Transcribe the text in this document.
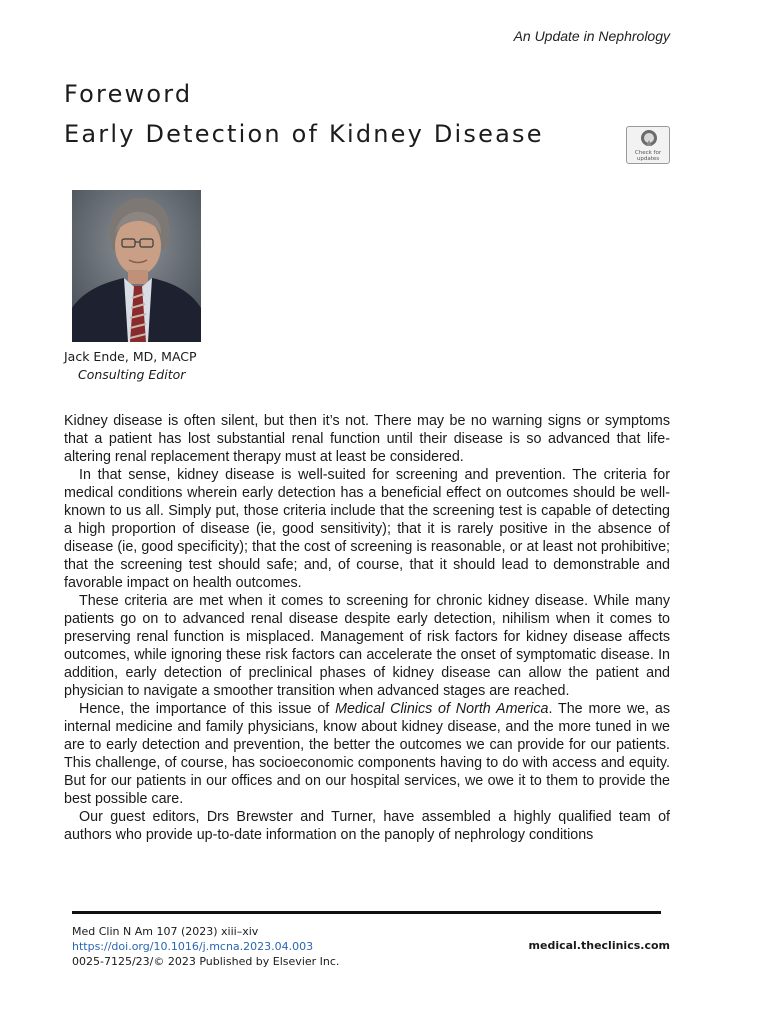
An Update in Nephrology
Foreword
Early Detection of Kidney Disease
Check for
updates
Jack Ende, MD, MACP
Consulting Editor

Kidney disease is often silent, but then it’s not. There may be no warning signs or symptoms that a patient has lost substantial renal function until their disease is so advanced that life-altering renal replacement therapy must at least be considered.

In that sense, kidney disease is well-suited for screening and prevention. The criteria for medical conditions wherein early detection has a beneficial effect on outcomes should be well-known to us all. Simply put, those criteria include that the screening test is capable of detecting a high proportion of disease (ie, good sensitivity); that it is rarely positive in the absence of disease (ie, good specificity); that the cost of screening is reasonable, or at least not prohibitive; that the screening test should safe; and, of course, that it should lead to demonstrable and favorable impact on health outcomes.

These criteria are met when it comes to screening for chronic kidney disease. While many patients go on to advanced renal disease despite early detection, nihilism when it comes to preserving renal function is misplaced. Management of risk factors for kidney disease affects outcomes, while ignoring these risk factors can accelerate the onset of symptomatic disease. In addition, early detection of preclinical phases of kidney disease can allow the patient and physician to navigate a smoother transition when advanced stages are reached.

Hence, the importance of this issue of Medical Clinics of North America. The more we, as internal medicine and family physicians, know about kidney disease, and the more tuned in we are to early detection and prevention, the better the outcomes we can provide for our patients. This challenge, of course, has socioeconomic components having to do with access and equity. But for our patients in our offices and on our hospital services, we owe it to them to provide the best possible care.

Our guest editors, Drs Brewster and Turner, have assembled a highly qualified team of authors who provide up-to-date information on the panoply of nephrology conditions

Med Clin N Am 107 (2023) xiii–xiv
https://doi.org/10.1016/j.mcna.2023.04.003
0025-7125/23/© 2023 Published by Elsevier Inc.
medical.theclinics.com
